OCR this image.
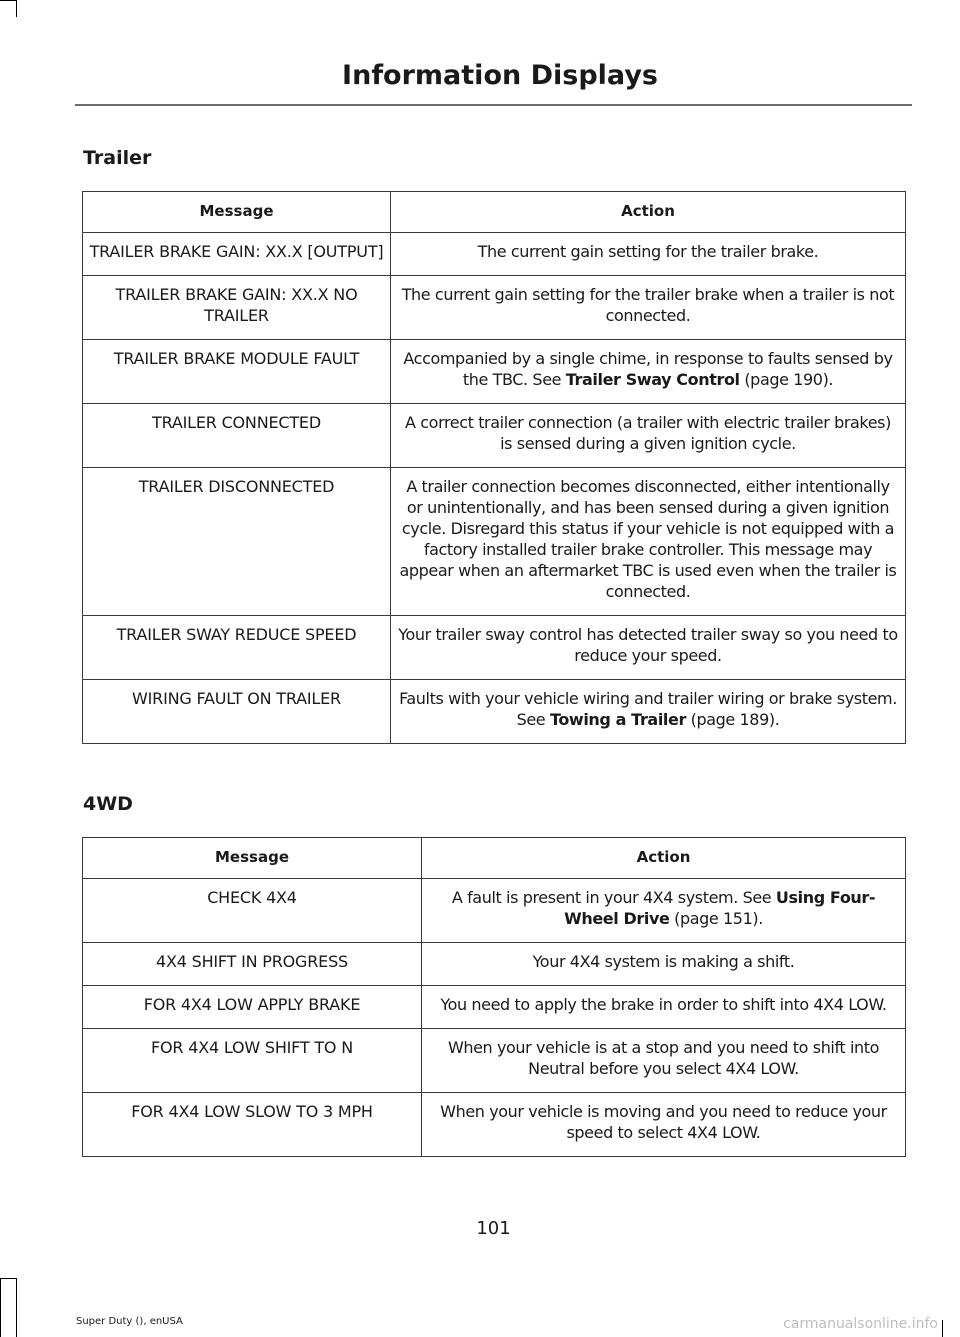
Information Displays
Trailer
Message	Action
TRAILER BRAKE GAIN: XX.X [OUTPUT]	The current gain setting for the trailer brake.
TRAILER BRAKE GAIN: XX.X NO TRAILER	The current gain setting for the trailer brake when a trailer is not connected.
TRAILER BRAKE MODULE FAULT	Accompanied by a single chime, in response to faults sensed by the TBC. See Trailer Sway Control (page 190).
TRAILER CONNECTED	A correct trailer connection (a trailer with electric trailer brakes) is sensed during a given ignition cycle.
TRAILER DISCONNECTED	A trailer connection becomes disconnected, either intentionally or unintentionally, and has been sensed during a given ignition cycle. Disregard this status if your vehicle is not equipped with a factory installed trailer brake controller. This message may appear when an aftermarket TBC is used even when the trailer is connected.
TRAILER SWAY REDUCE SPEED	Your trailer sway control has detected trailer sway so you need to reduce your speed.
WIRING FAULT ON TRAILER	Faults with your vehicle wiring and trailer wiring or brake system. See Towing a Trailer (page 189).
4WD
Message	Action
CHECK 4X4	A fault is present in your 4X4 system. See Using Four-Wheel Drive (page 151).
4X4 SHIFT IN PROGRESS	Your 4X4 system is making a shift.
FOR 4X4 LOW APPLY BRAKE	You need to apply the brake in order to shift into 4X4 LOW.
FOR 4X4 LOW SHIFT TO N	When your vehicle is at a stop and you need to shift into Neutral before you select 4X4 LOW.
FOR 4X4 LOW SLOW TO 3 MPH	When your vehicle is moving and you need to reduce your speed to select 4X4 LOW.
101
Super Duty (), enUSA	carmanualsonline.info
